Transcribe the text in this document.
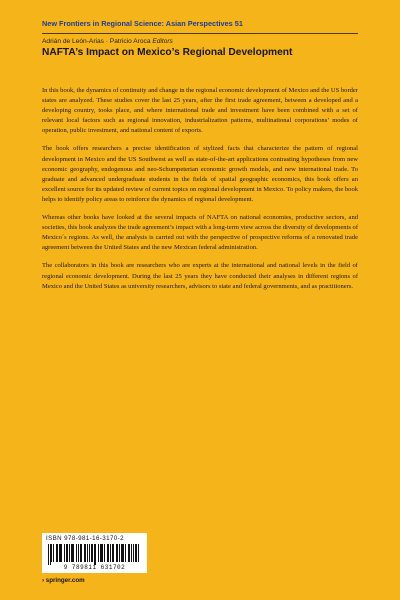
New Frontiers in Regional Science: Asian Perspectives 51
Adrián de León-Arias · Patricio Aroca Editors
NAFTA’s Impact on Mexico’s Regional Development

In this book, the dynamics of continuity and change in the regional economic development of Mexico and the US border states are analyzed. These studies cover the last 25 years, after the first trade agreement, between a developed and a developing country, tooks place, and where international trade and investment have been combined with a set of relevant local factors such as regional innovation, industrialization patterns, multinational corporations’ modes of operation, public investment, and national content of exports.

The book offers researchers a precise identification of stylized facts that characterize the pattern of regional development in Mexico and the US Southwest as well as state-of-the-art applications contrasting hypotheses from new economic geography, endogenous and neo-Schumpeterian economic growth models, and new international trade. To graduate and advanced undergraduate students in the fields of spatial geographic economics, this book offers an excellent source for its updated review of current topics on regional development in Mexico. To policy makers, the book helps to identify policy areas to reinforce the dynamics of regional development.

Whereas other books have looked at the several impacts of NAFTA on national economies, productive sectors, and societies, this book analyzes the trade agreement’s impact with a long-term view across the diversity of developments of Mexico´s regions. As well, the analysis is carried out with the perspective of prospective reforms of a renovated trade agreement between the United States and the new Mexican federal administration.

The collaborators in this book are researchers who are experts at the international and national levels in the field of regional economic development. During the last 25 years they have conducted their analyses in different regions of Mexico and the United States as university researchers, advisors to state and federal governments, and as practitioners.

ISBN 978-981-16-3170-2
9 789811 631702
› springer.com
